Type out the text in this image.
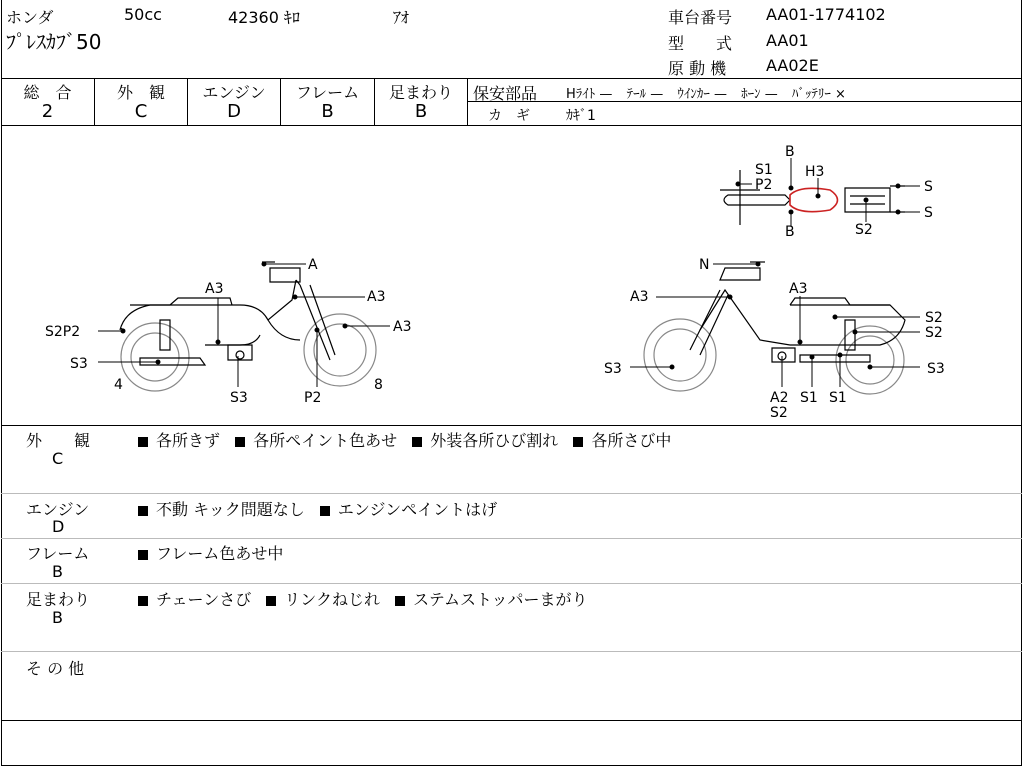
ホンダ	50cc	42360 ｷﾛ	ｱｵ
ﾌﾟﾚｽｶﾌﾞ50
車台番号 AA01-1774102
型　　式 AA01
原 動 機 AA02E
総　合
2
外　観
C
エンジン
D
フレーム
B
足まわり
B
保安部品 Hﾗｲﾄ — ﾃｰﾙ — ｳｲﾝｶｰ — ﾎｰﾝ — ﾊﾞｯﾃﾘｰ ×
カ　ギ	ｶｷﾞ1
A
A3	A3
S2P2	A3
S3
4
S3	P2
8
N
A3	A3
S2
S2
S3
A2
S2
S1 S1
S3
S1
P2
B
H3
B
S
S
S2
外　　観
C
各所きず 各所ペイント色あせ 外装各所ひび割れ 各所さび中
エンジン
D
不動 キック問題なし エンジンペイントはげ
フレーム
B
フレーム色あせ中
足まわり
B
チェーンさび リンクねじれ ステムストッパーまがり
そ の 他
